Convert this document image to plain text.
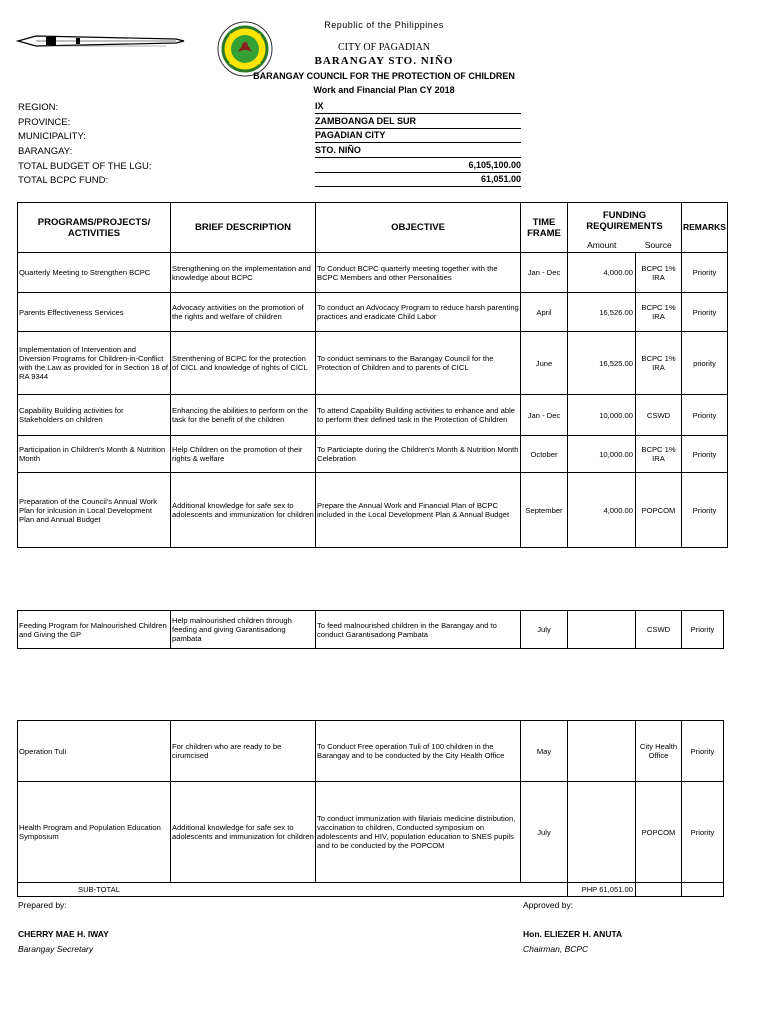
Republic of the Philippines
CITY OF PAGADIAN
BARANGAY STO. NIÑO
BARANGAY COUNCIL FOR THE PROTECTION OF CHILDREN
Work and Financial Plan CY 2018
REGION:	IX
PROVINCE:	ZAMBOANGA DEL SUR
MUNICIPALITY:	PAGADIAN CITY
BARANGAY:	STO. NIÑO
TOTAL BUDGET OF THE LGU:	6,105,100.00
TOTAL BCPC FUND:	61,051.00
PROGRAMS/PROJECTS/ ACTIVITIES	BRIEF DESCRIPTION	OBJECTIVE	TIME FRAME	FUNDING REQUIREMENTS		REMARKS
				Amount	Source	
Quarterly Meeting to Strengthen BCPC	Strengthening on the implementation and knowledge about BCPC	To Conduct BCPC quarterly meeting together with the BCPC Members and other Personalities	Jan - Dec	4,000.00	BCPC 1% IRA	Priority
Parents Effectiveness Services	Advocacy activities on the promotion of the rights and welfare of children	To conduct an Advocacy Program to reduce harsh parenting practices and eradicate Child Labor	April	16,526.00	BCPC 1% IRA	Priority
Implementation of Intervention and Diversion Programs for Children-in-Conflict with the Law as provided for in Section 18 of RA 9344	Strenthening of BCPC for the protection of CICL and knowledge of rights of CICL	To conduct seminars to the Barangay Council for the Protection of Children and to parents of CICL	June	16,525.00	BCPC 1% IRA	priority
Capability Building activities for Stakeholders on children	Enhancing the abilities to perform on the task for the benefit of the children	To attend Capability Building activities to enhance and able to perform their defined task in the Protection of Children	Jan - Dec	10,000.00	CSWD	Priority
Participation in Children's Month & Nutrition Month	Help Children on the promotion of their rights & welfare	To Particiapte during the Children's Month & Nutrition Month Celebration	October	10,000.00	BCPC 1% IRA	Priority
Preparation of the Council's Annual Work Plan for inlcusion in Local Development Plan and Annual Budget	Additional knowledge for safe sex to adolescents and immunization for children	Prepare the Annual Work and Financial Plan of BCPC included in the Local Development Plan & Annual Budget	September	4,000.00	POPCOM	Priority
Feeding Program for Malnourished Children and Giving the GP	Help malnourished children through feeding and giving Garantisadong pambata	To feed malnourished children in the Barangay and to conduct Garantisadong Pambata	July		CSWD	Priority
Operation Tuli	For children who are ready to be cirumcised	To Conduct Free operation Tuli of 100 children in the Barangay and to be conducted by the City Health Office	May		City Health Office	Priority
Health Program and Population Education Symposium	Additional knowledge for safe sex to adolescents and immunization for children	To conduct immunization with filariais medicine distribution, vaccination to children, Conducted symposium on adolescents and HIV, population education to SNES pupils and to be conducted by the POPCOM	July		POPCOM	Priority
SUB-TOTAL				PHP 61,051.00		
Prepared by:
CHERRY MAE H. IWAY
Barangay Secretary
Approved by:
Hon. ELIEZER H. ANUTA
Chairman, BCPC
